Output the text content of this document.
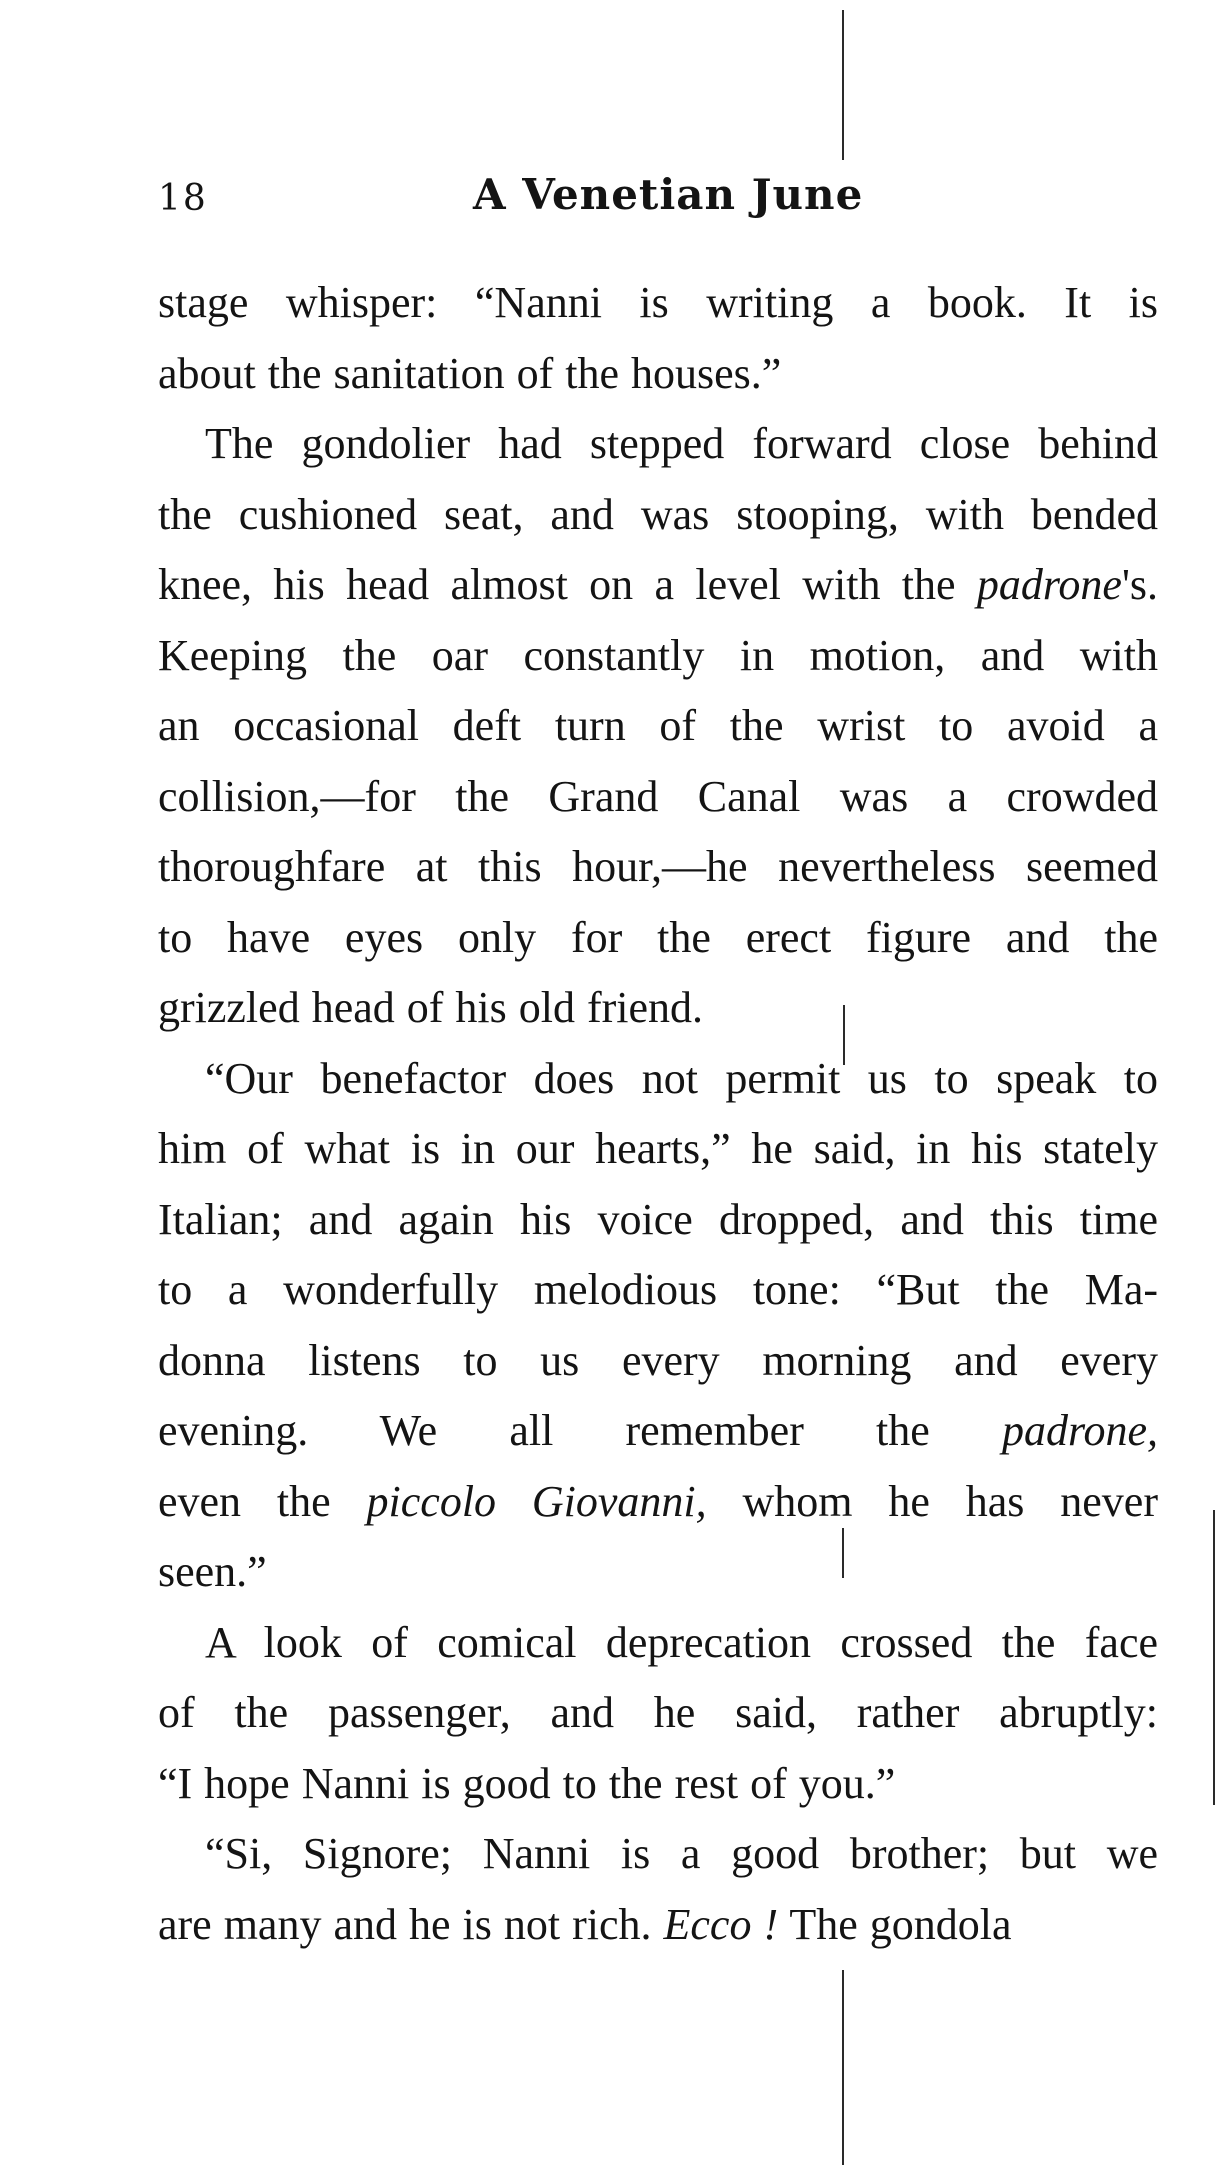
18	A Venetian June
stage whisper: “Nanni is writing a book. It is
about the sanitation of the houses.”
The gondolier had stepped forward close behind
the cushioned seat, and was stooping, with bended
knee, his head almost on a level with the padrone's.
Keeping the oar constantly in motion, and with
an occasional deft turn of the wrist to avoid a
collision,—for the Grand Canal was a crowded
thoroughfare at this hour,—he nevertheless seemed
to have eyes only for the erect figure and the
grizzled head of his old friend.
“Our benefactor does not permit us to speak to
him of what is in our hearts,” he said, in his stately
Italian; and again his voice dropped, and this time
to a wonderfully melodious tone: “But the Ma-
donna listens to us every morning and every
evening. We all remember the padrone,
even the piccolo Giovanni, whom he has never
seen.”
A look of comical deprecation crossed the face
of the passenger, and he said, rather abruptly:
“I hope Nanni is good to the rest of you.”
“Si, Signore; Nanni is a good brother; but we
are many and he is not rich. Ecco ! The gondola
